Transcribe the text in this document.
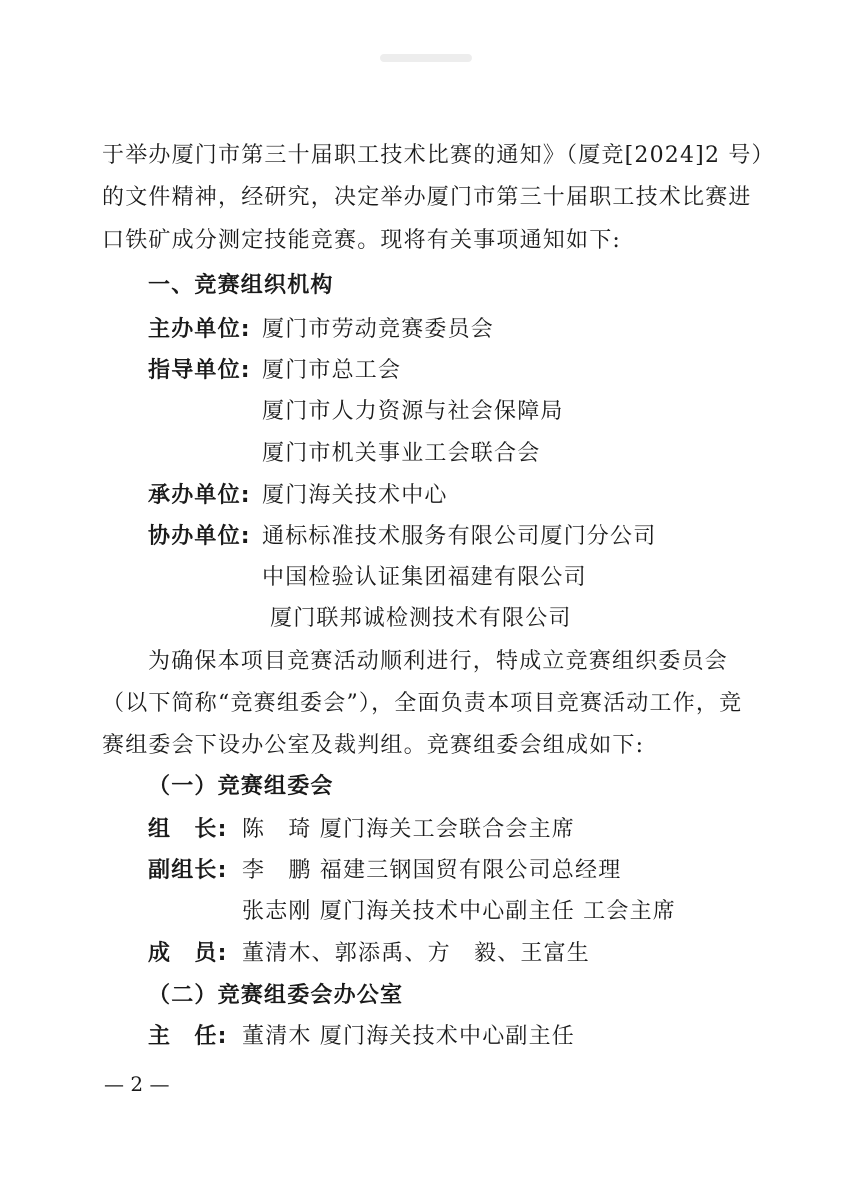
于举办厦门市第三十届职工技术比赛的通知》（厦竞[2024]2 号）
的文件精神，经研究，决定举办厦门市第三十届职工技术比赛进
口铁矿成分测定技能竞赛。现将有关事项通知如下:
一、竞赛组织机构
主办单位: 厦门市劳动竞赛委员会
指导单位: 厦门市总工会
厦门市人力资源与社会保障局
厦门市机关事业工会联合会
承办单位: 厦门海关技术中心
协办单位: 通标标准技术服务有限公司厦门分公司
中国检验认证集团福建有限公司
厦门联邦诚检测技术有限公司
为确保本项目竞赛活动顺利进行，特成立竞赛组织委员会
（以下简称“竞赛组委会”），全面负责本项目竞赛活动工作，竞
赛组委会下设办公室及裁判组。竞赛组委会组成如下:
（一）竞赛组委会
组　长: 陈　琦 厦门海关工会联合会主席
副组长: 李　鹏 福建三钢国贸有限公司总经理
张志刚 厦门海关技术中心副主任 工会主席
成　员: 董清木、郭添禹、方　毅、王富生
（二）竞赛组委会办公室
主　任: 董清木 厦门海关技术中心副主任
— 2 —
